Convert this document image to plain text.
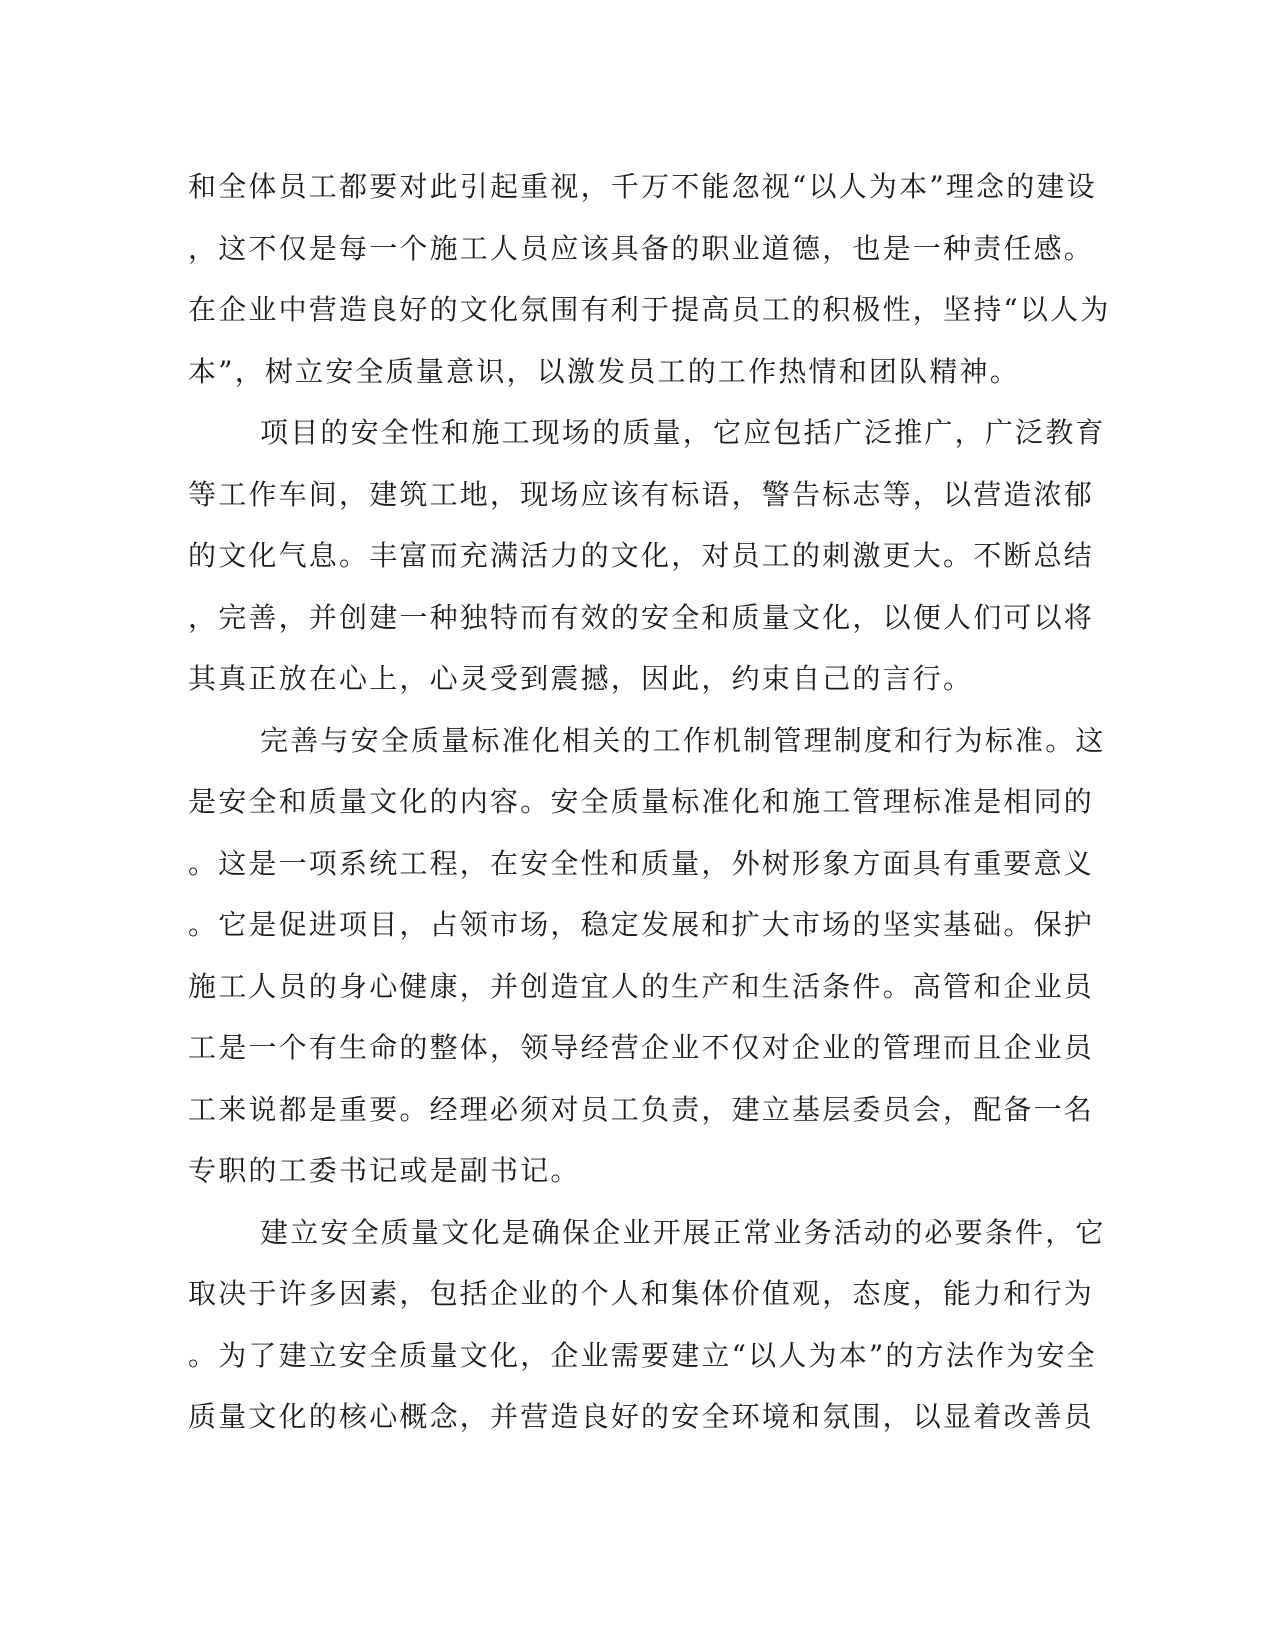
和全体员工都要对此引起重视，千万不能忽视“以人为本”理念的建设
，这不仅是每一个施工人员应该具备的职业道德，也是一种责任感。
在企业中营造良好的文化氛围有利于提高员工的积极性，坚持“以人为
本”，树立安全质量意识，以激发员工的工作热情和团队精神。
项目的安全性和施工现场的质量，它应包括广泛推广，广泛教育
等工作车间，建筑工地，现场应该有标语，警告标志等，以营造浓郁
的文化气息。丰富而充满活力的文化，对员工的刺激更大。不断总结
，完善，并创建一种独特而有效的安全和质量文化，以便人们可以将
其真正放在心上，心灵受到震撼，因此，约束自己的言行。
完善与安全质量标准化相关的工作机制管理制度和行为标准。这
是安全和质量文化的内容。安全质量标准化和施工管理标准是相同的
。这是一项系统工程，在安全性和质量，外树形象方面具有重要意义
。它是促进项目，占领市场，稳定发展和扩大市场的坚实基础。保护
施工人员的身心健康，并创造宜人的生产和生活条件。高管和企业员
工是一个有生命的整体，领导经营企业不仅对企业的管理而且企业员
工来说都是重要。经理必须对员工负责，建立基层委员会，配备一名
专职的工委书记或是副书记。
建立安全质量文化是确保企业开展正常业务活动的必要条件，它
取决于许多因素，包括企业的个人和集体价值观，态度，能力和行为
。为了建立安全质量文化，企业需要建立“以人为本”的方法作为安全
质量文化的核心概念，并营造良好的安全环境和氛围，以显着改善员
